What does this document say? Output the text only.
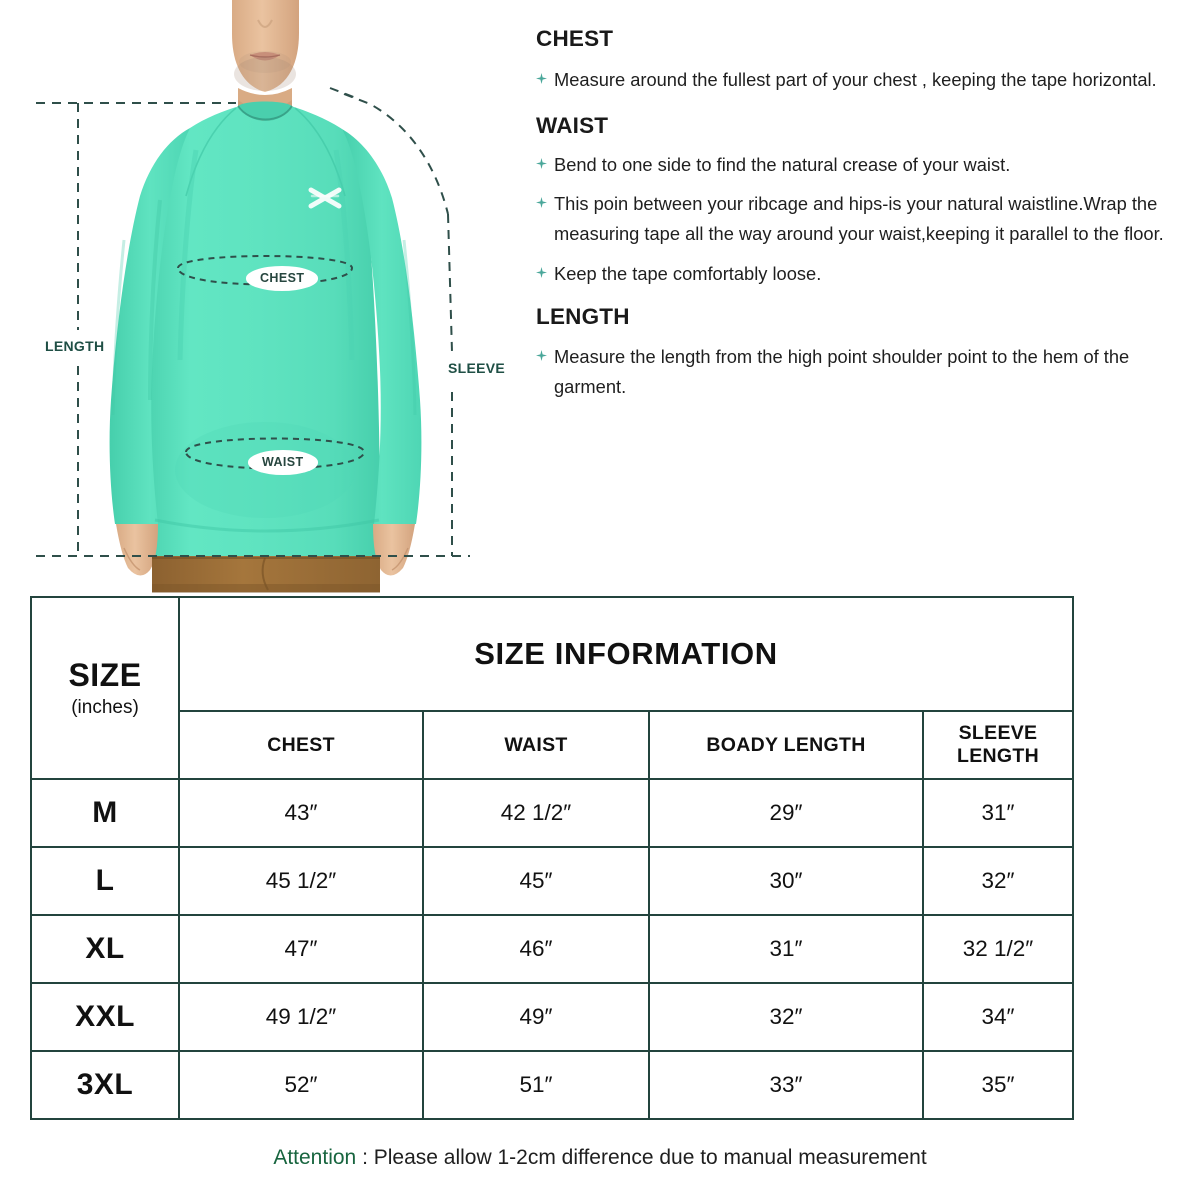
LENGTH
SLEEVE
CHEST
WAIST
CHEST
Measure around the fullest part of your chest , keeping the tape horizontal.
WAIST
Bend to one side to find the natural crease of your waist.
This poin between your ribcage and hips-is your natural waistline.Wrap the measuring tape all the way around your waist,keeping it parallel to the floor.
Keep the tape comfortably loose.
LENGTH
Measure the length from the high point shoulder point to the hem of the garment.
SIZE
(inches)	SIZE INFORMATION			
	CHEST	WAIST	BOADY LENGTH	SLEEVE LENGTH
M	43″	42 1/2″	29″	31″
L	45 1/2″	45″	30″	32″
XL	47″	46″	31″	32 1/2″
XXL	49 1/2″	49″	32″	34″
3XL	52″	51″	33″	35″
Attention : Please allow 1-2cm difference due to manual measurement
